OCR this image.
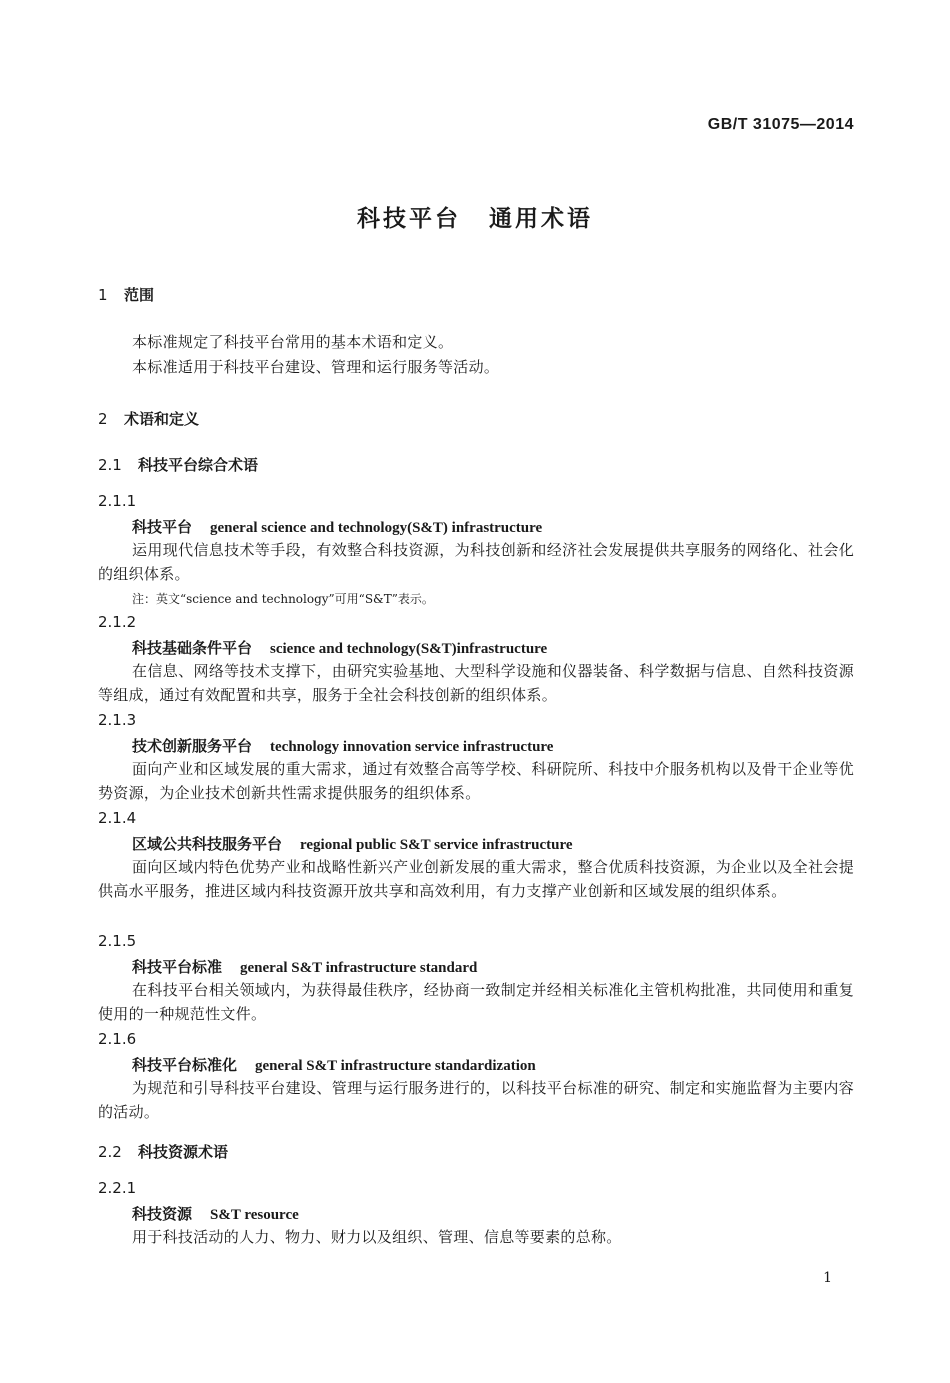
GB/T 31075—2014
科技平台 通用术语
1 范围
本标准规定了科技平台常用的基本术语和定义。
本标准适用于科技平台建设、管理和运行服务等活动。
2 术语和定义
2.1 科技平台综合术语
2.1.1
科技平台 general science and technology(S&T) infrastructure
运用现代信息技术等手段，有效整合科技资源，为科技创新和经济社会发展提供共享服务的网络化、社会化的组织体系。
注：英文“science and technology”可用“S&T”表示。
2.1.2
科技基础条件平台 science and technology(S&T)infrastructure
在信息、网络等技术支撑下，由研究实验基地、大型科学设施和仪器装备、科学数据与信息、自然科技资源等组成，通过有效配置和共享，服务于全社会科技创新的组织体系。
2.1.3
技术创新服务平台 technology innovation service infrastructure
面向产业和区域发展的重大需求，通过有效整合高等学校、科研院所、科技中介服务机构以及骨干企业等优势资源，为企业技术创新共性需求提供服务的组织体系。
2.1.4
区域公共科技服务平台 regional public S&T service infrastructure
面向区域内特色优势产业和战略性新兴产业创新发展的重大需求，整合优质科技资源，为企业以及全社会提供高水平服务，推进区域内科技资源开放共享和高效利用，有力支撑产业创新和区域发展的组织体系。
2.1.5
科技平台标准 general S&T infrastructure standard
在科技平台相关领域内，为获得最佳秩序，经协商一致制定并经相关标准化主管机构批准，共同使用和重复使用的一种规范性文件。
2.1.6
科技平台标准化 general S&T infrastructure standardization
为规范和引导科技平台建设、管理与运行服务进行的，以科技平台标准的研究、制定和实施监督为主要内容的活动。
2.2 科技资源术语
2.2.1
科技资源 S&T resource
用于科技活动的人力、物力、财力以及组织、管理、信息等要素的总称。
1
